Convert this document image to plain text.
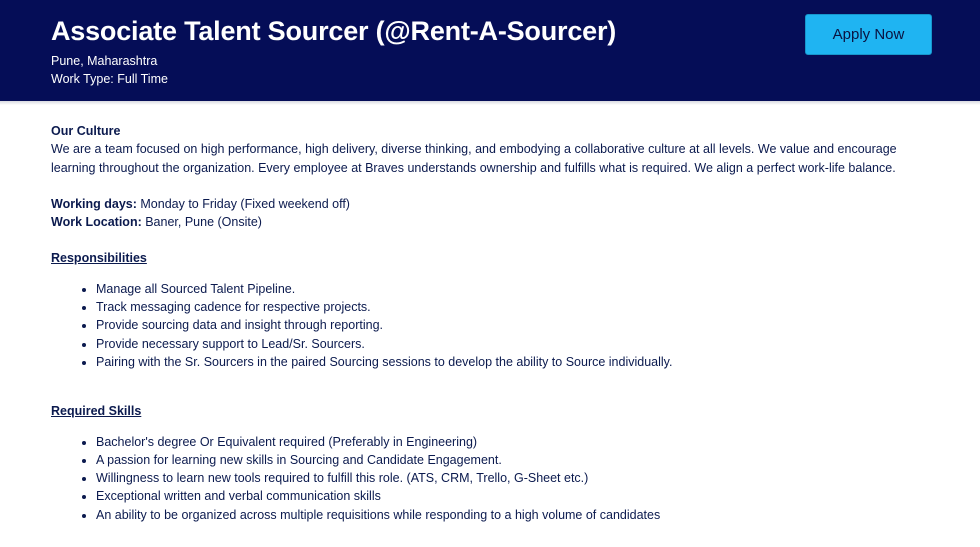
Associate Talent Sourcer (@Rent-A-Sourcer)
Pune, Maharashtra
Work Type: Full Time
Apply Now
Our Culture

We are a team focused on high performance, high delivery, diverse thinking, and embodying a collaborative culture at all levels. We value and encourage learning throughout the organization. Every employee at Braves understands ownership and fulfills what is required. We align a perfect work-life balance.

Working days: Monday to Friday (Fixed weekend off)
Work Location: Baner, Pune (Onsite)
Responsibilities
• Manage all Sourced Talent Pipeline.
• Track messaging cadence for respective projects.
• Provide sourcing data and insight through reporting.
• Provide necessary support to Lead/Sr. Sourcers.
• Pairing with the Sr. Sourcers in the paired Sourcing sessions to develop the ability to Source individually.
Required Skills
• Bachelor's degree Or Equivalent required (Preferably in Engineering)
• A passion for learning new skills in Sourcing and Candidate Engagement.
• Willingness to learn new tools required to fulfill this role. (ATS, CRM, Trello, G-Sheet etc.)
• Exceptional written and verbal communication skills
• An ability to be organized across multiple requisitions while responding to a high volume of candidates
